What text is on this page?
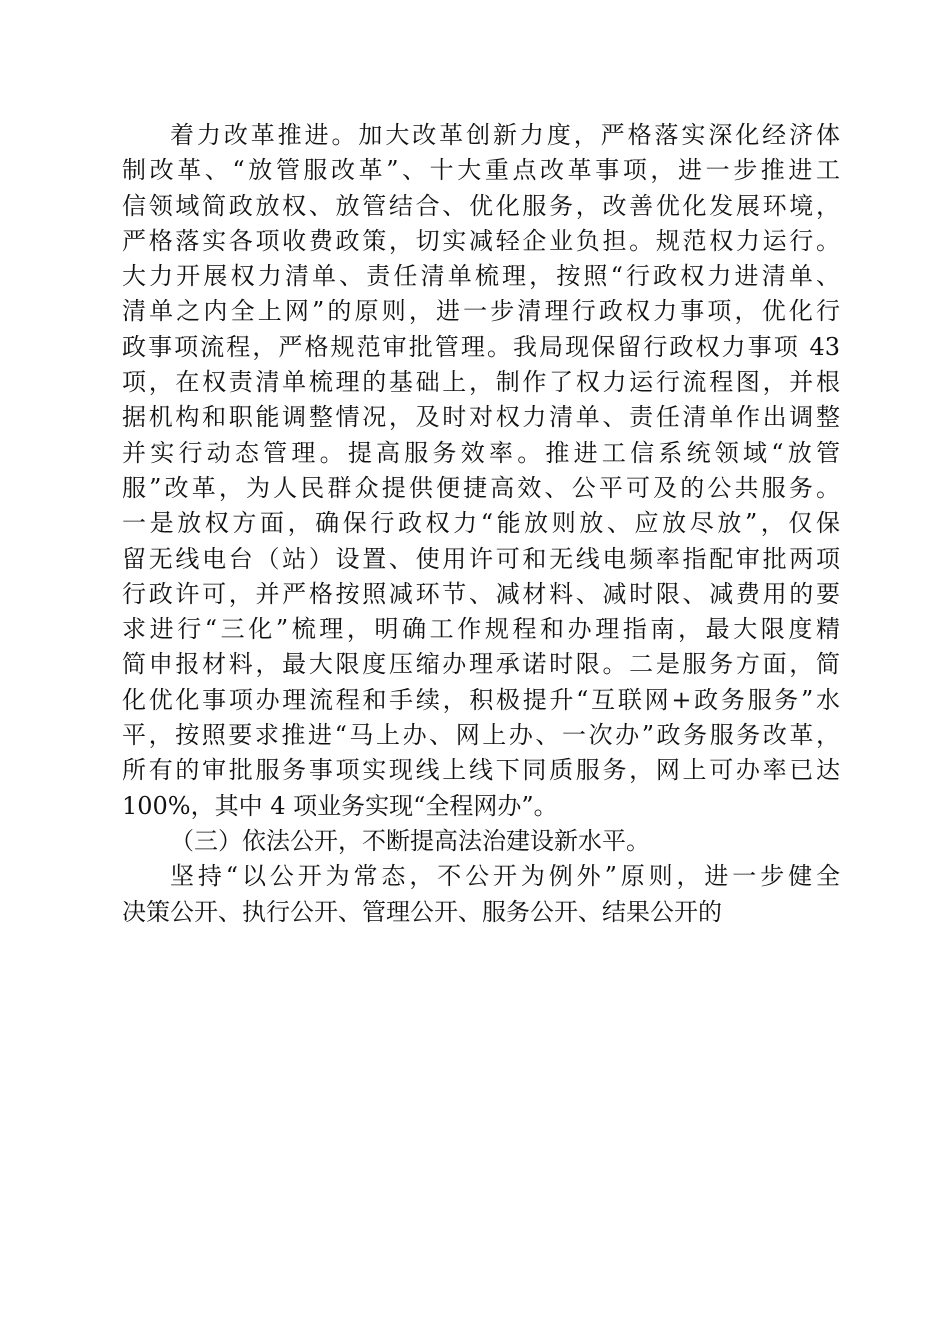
着力改革推进。加大改革创新力度，严格落实深化经济体
制改革、“放管服改革”、十大重点改革事项，进一步推进工
信领域简政放权、放管结合、优化服务，改善优化发展环境，
严格落实各项收费政策，切实减轻企业负担。规范权力运行。
大力开展权力清单、责任清单梳理，按照“行政权力进清单、
清单之内全上网”的原则，进一步清理行政权力事项，优化行
政事项流程，严格规范审批管理。我局现保留行政权力事项 43
项，在权责清单梳理的基础上，制作了权力运行流程图，并根
据机构和职能调整情况，及时对权力清单、责任清单作出调整
并实行动态管理。提高服务效率。推进工信系统领域“放管
服”改革，为人民群众提供便捷高效、公平可及的公共服务。
一是放权方面，确保行政权力“能放则放、应放尽放”，仅保
留无线电台（站）设置、使用许可和无线电频率指配审批两项
行政许可，并严格按照减环节、减材料、减时限、减费用的要
求进行“三化”梳理，明确工作规程和办理指南，最大限度精
简申报材料，最大限度压缩办理承诺时限。二是服务方面，简
化优化事项办理流程和手续，积极提升“互联网+政务服务”水
平，按照要求推进“马上办、网上办、一次办”政务服务改革，
所有的审批服务事项实现线上线下同质服务，网上可办率已达
100%，其中 4 项业务实现“全程网办”。
（三）依法公开，不断提高法治建设新水平。
坚持“以公开为常态，不公开为例外”原则，进一步健全
决策公开、执行公开、管理公开、服务公开、结果公开的
